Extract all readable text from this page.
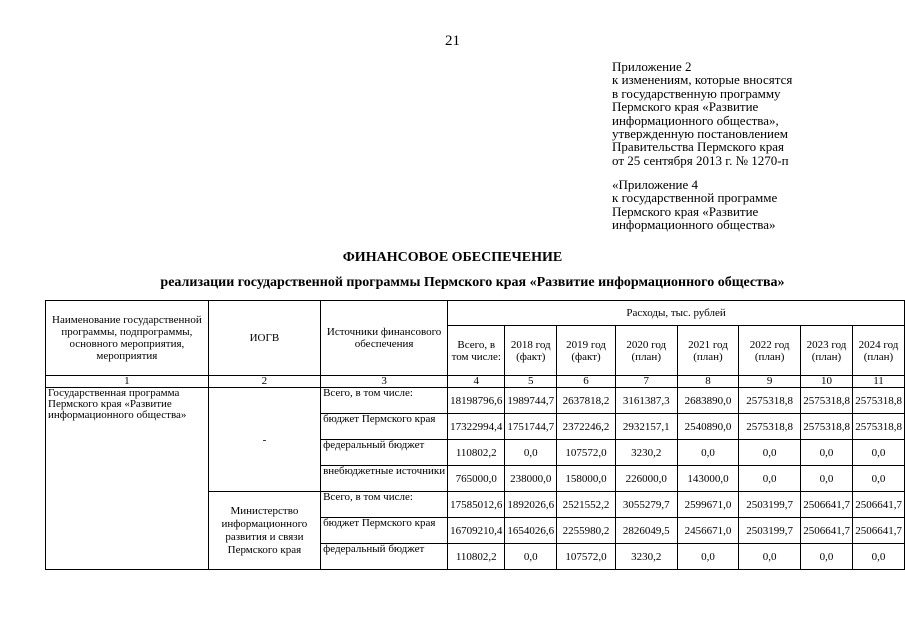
21
Приложение 2
к изменениям, которые вносятся
в государственную программу
Пермского края «Развитие
информационного общества»,
утвержденную постановлением
Правительства Пермского края
от 25 сентября 2013 г. № 1270-п
«Приложение 4
к государственной программе
Пермского края «Развитие
информационного общества»
ФИНАНСОВОЕ ОБЕСПЕЧЕНИЕ
реализации государственной программы Пермского края «Развитие информационного общества»
Наименование государственной программы, подпрограммы, основного мероприятия, мероприятия	ИОГВ	Источники финансового обеспечения	Расходы, тыс. рублей							
			Всего, в том числе:	2018 год (факт)	2019 год (факт)	2020 год (план)	2021 год (план)	2022 год (план)	2023 год (план)	2024 год (план)
1	2	3	4	5	6	7	8	9	10	11
Государственная программа Пермского края «Развитие информационного общества»	-	Всего, в том числе:	18198796,6	1989744,7	2637818,2	3161387,3	2683890,0	2575318,8	2575318,8	2575318,8
		бюджет Пермского края	17322994,4	1751744,7	2372246,2	2932157,1	2540890,0	2575318,8	2575318,8	2575318,8
		федеральный бюджет	110802,2	0,0	107572,0	3230,2	0,0	0,0	0,0	0,0
		внебюджетные источники	765000,0	238000,0	158000,0	226000,0	143000,0	0,0	0,0	0,0
	Министерство информационного развития и связи Пермского края	Всего, в том числе:	17585012,6	1892026,6	2521552,2	3055279,7	2599671,0	2503199,7	2506641,7	2506641,7
		бюджет Пермского края	16709210,4	1654026,6	2255980,2	2826049,5	2456671,0	2503199,7	2506641,7	2506641,7
		федеральный бюджет	110802,2	0,0	107572,0	3230,2	0,0	0,0	0,0	0,0
